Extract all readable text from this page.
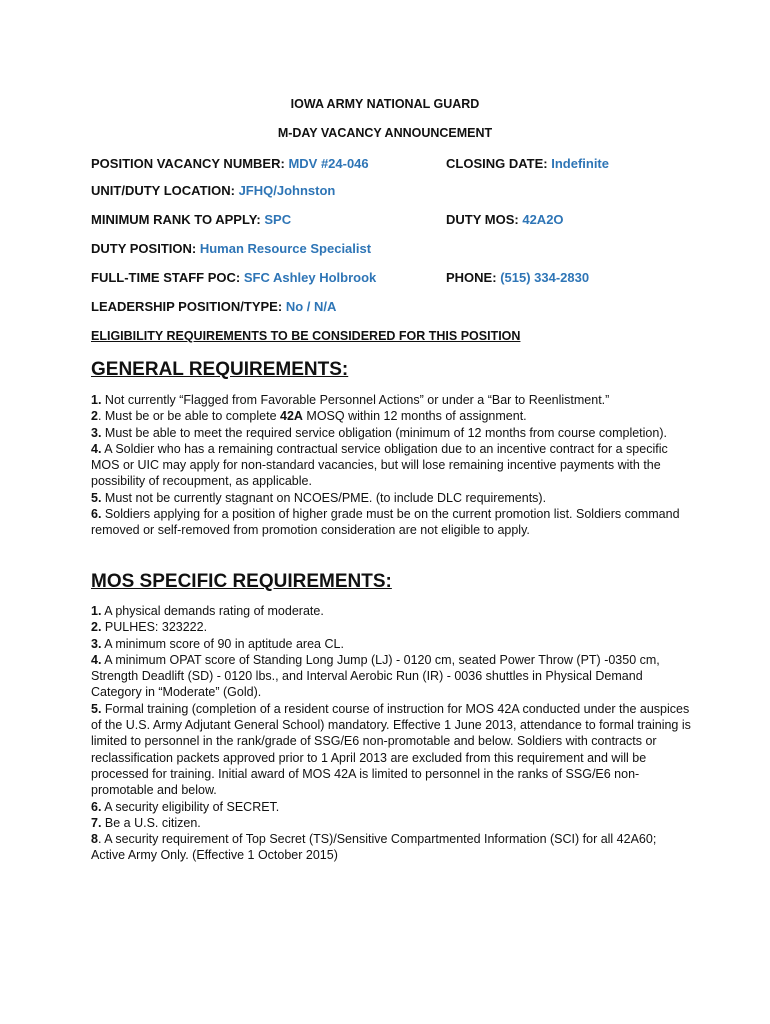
IOWA ARMY NATIONAL GUARD
M-DAY VACANCY ANNOUNCEMENT
POSITION VACANCY NUMBER: MDV #24-046	CLOSING DATE: Indefinite
UNIT/DUTY LOCATION: JFHQ/Johnston
MINIMUM RANK TO APPLY: SPC	DUTY MOS: 42A2O
DUTY POSITION: Human Resource Specialist
FULL-TIME STAFF POC: SFC Ashley Holbrook	PHONE: (515) 334-2830
LEADERSHIP POSITION/TYPE: No / N/A
ELIGIBILITY REQUIREMENTS TO BE CONSIDERED FOR THIS POSITION
GENERAL REQUIREMENTS:

1. Not currently “Flagged from Favorable Personnel Actions” or under a “Bar to Reenlistment.”

2. Must be or be able to complete 42A MOSQ within 12 months of assignment.

3. Must be able to meet the required service obligation (minimum of 12 months from course completion).

4. A Soldier who has a remaining contractual service obligation due to an incentive contract for a specific MOS or UIC may apply for non-standard vacancies, but will lose remaining incentive payments with the possibility of recoupment, as applicable.

5. Must not be currently stagnant on NCOES/PME. (to include DLC requirements).

6. Soldiers applying for a position of higher grade must be on the current promotion list. Soldiers command removed or self-removed from promotion consideration are not eligible to apply.

MOS SPECIFIC REQUIREMENTS:

1. A physical demands rating of moderate.

2. PULHES: 323222.

3. A minimum score of 90 in aptitude area CL.

4. A minimum OPAT score of Standing Long Jump (LJ) - 0120 cm, seated Power Throw (PT) -0350 cm, Strength Deadlift (SD) - 0120 lbs., and Interval Aerobic Run (IR) - 0036 shuttles in Physical Demand Category in “Moderate” (Gold).

5. Formal training (completion of a resident course of instruction for MOS 42A conducted under the auspices of the U.S. Army Adjutant General School) mandatory. Effective 1 June 2013, attendance to formal training is limited to personnel in the rank/grade of SSG/E6 non-promotable and below. Soldiers with contracts or reclassification packets approved prior to 1 April 2013 are excluded from this requirement and will be processed for training. Initial award of MOS 42A is limited to personnel in the ranks of SSG/E6 non-promotable and below.

6. A security eligibility of SECRET.

7. Be a U.S. citizen.

8. A security requirement of Top Secret (TS)/Sensitive Compartmented Information (SCI) for all 42A60; Active Army Only. (Effective 1 October 2015)
